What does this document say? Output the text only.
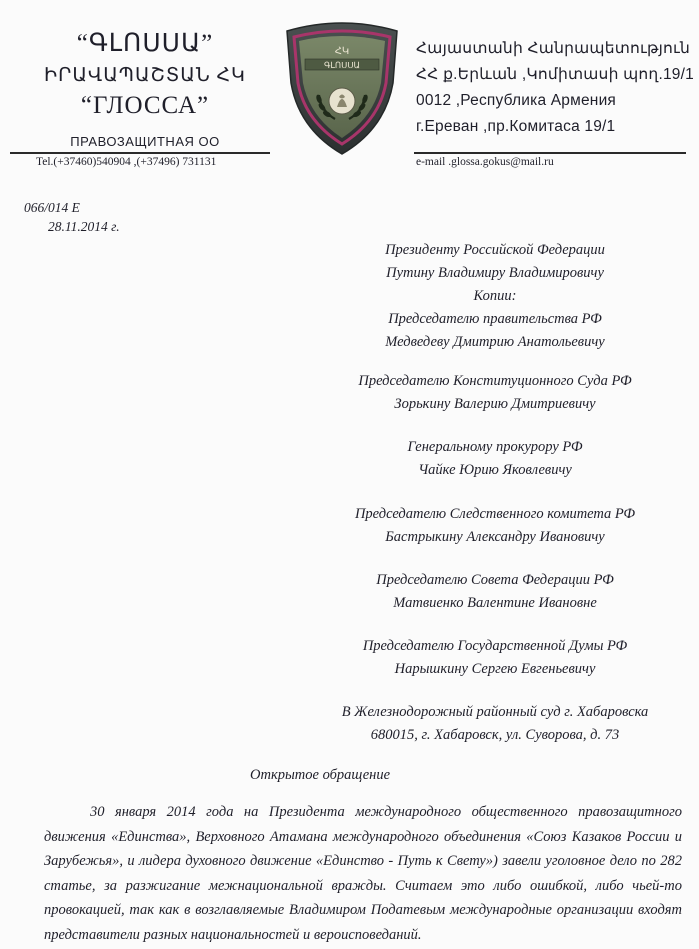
“ԳԼՈՍՍԱ”
ԻՐԱՎԱՊԱՇՏԱՆ ՀԿ
“ГЛОССА”
ПРАВОЗАЩИТНАЯ ОО
ՀԿ
ԳԼՈՍՍԱ
Հայաստանի Հանրապետություն
ՀՀ ք.Երևան ,Կոմիտասի պող.19/1
0012 ,Республика Армения
г.Ереван ,пр.Комитаса 19/1
Tel.(+37460)540904 ,(+37496) 731131	e-mail .glossa.gokus@mail.ru
066/014 Е
28.11.2014 г.
Президенту Российской Федерации
Путину Владимиру Владимировичу
Копии:
Председателю правительства РФ
Медведеву Дмитрию Анатольевичу
Председателю Конституционного Суда РФ
Зорькину Валерию Дмитриевичу
Генеральному прокурору РФ
Чайке Юрию Яковлевичу
Председателю Следственного комитета РФ
Бастрыкину Александру Ивановичу
Председателю Совета Федерации РФ
Матвиенко Валентине Ивановне
Председателю Государственной Думы РФ
Нарышкину Сергею Евгеньевичу
В Железнодорожный районный суд г. Хабаровска
680015, г. Хабаровск, ул. Суворова, д. 73
Открытое обращение

30 января 2014 года на Президента международного общественного правозащитного движения «Единства», Верховного Атамана международного объединения «Союз Казаков России и Зарубежья», и лидера духовного движение «Единство - Путь к Свету») завели уголовное дело по 282 статье, за разжигание межнациональной вражды. Считаем это либо ошибкой, либо чьей-то провокацией, так как в возглавляемые Владимиром Податевым международные организации входят представители разных национальностей и вероисповеданий.
